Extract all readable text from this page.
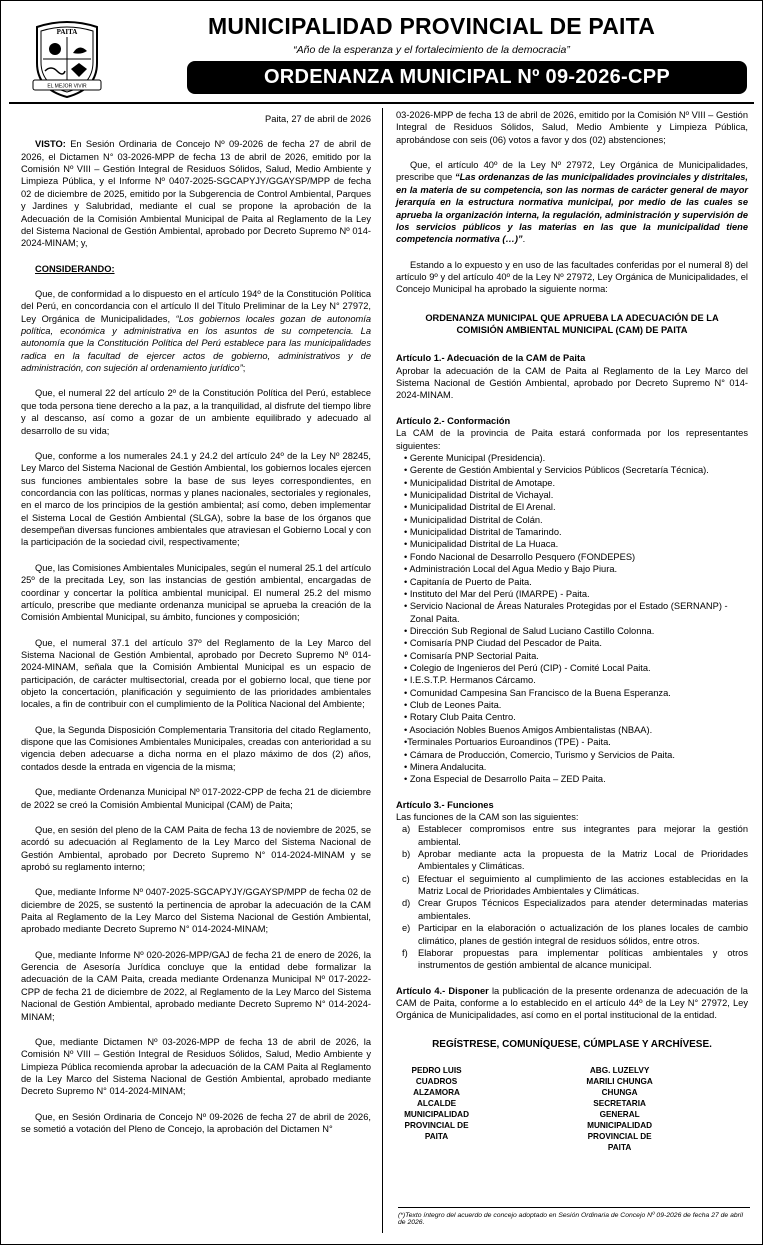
PAITA
EL MEJOR VIVIR
MUNICIPALIDAD PROVINCIAL DE PAITA
“Año de la esperanza y el fortalecimiento de la democracia”
ORDENANZA MUNICIPAL Nº 09-2026-CPP

Paita, 27 de abril de 2026

VISTO: En Sesión Ordinaria de Concejo Nº 09-2026 de fecha 27 de abril de 2026, el Dictamen N° 03-2026-MPP de fecha 13 de abril de 2026, emitido por la Comisión Nº VIII – Gestión Integral de Residuos Sólidos, Salud, Medio Ambiente y Limpieza Pública, y el Informe Nº 0407-2025-SGCAPYJY/GGAYSP/MPP de fecha 02 de diciembre de 2025, emitido por la Subgerencia de Control Ambiental, Parques y Jardines y Salubridad, mediante el cual se propone la aprobación de la Adecuación de la Comisión Ambiental Municipal de Paita al Reglamento de la Ley del Sistema Nacional de Gestión Ambiental, aprobado por Decreto Supremo Nº 014-2024-MINAM; y,

CONSIDERANDO:

Que, de conformidad a lo dispuesto en el artículo 194º de la Constitución Política del Perú, en concordancia con el artículo II del Título Preliminar de la Ley N° 27972, Ley Orgánica de Municipalidades, “Los gobiernos locales gozan de autonomía política, económica y administrativa en los asuntos de su competencia. La autonomía que la Constitución Política del Perú establece para las municipalidades radica en la facultad de ejercer actos de gobierno, administrativos y de administración, con sujeción al ordenamiento jurídico”;

Que, el numeral 22 del artículo 2º de la Constitución Política del Perú, establece que toda persona tiene derecho a la paz, a la tranquilidad, al disfrute del tiempo libre y al descanso, así como a gozar de un ambiente equilibrado y adecuado al desarrollo de su vida;

Que, conforme a los numerales 24.1 y 24.2 del artículo 24º de la Ley Nº 28245, Ley Marco del Sistema Nacional de Gestión Ambiental, los gobiernos locales ejercen sus funciones ambientales sobre la base de sus leyes correspondientes, en concordancia con las políticas, normas y planes nacionales, sectoriales y regionales, en el marco de los principios de la gestión ambiental; así como, deben implementar el Sistema Local de Gestión Ambiental (SLGA), sobre la base de los órganos que desempeñan diversas funciones ambientales que atraviesan el Gobierno Local y con la participación de la sociedad civil, respectivamente;

Que, las Comisiones Ambientales Municipales, según el numeral 25.1 del artículo 25º de la precitada Ley, son las instancias de gestión ambiental, encargadas de coordinar y concertar la política ambiental municipal. El numeral 25.2 del mismo artículo, prescribe que mediante ordenanza municipal se aprueba la creación de la Comisión Ambiental Municipal, su ámbito, funciones y composición;

Que, el numeral 37.1 del artículo 37º del Reglamento de la Ley Marco del Sistema Nacional de Gestión Ambiental, aprobado por Decreto Supremo Nº 014-2024-MINAM, señala que la Comisión Ambiental Municipal es un espacio de participación, de carácter multisectorial, creada por el gobierno local, que tiene por objeto la concertación, planificación y seguimiento de las prioridades ambientales locales, a fin de contribuir con el cumplimiento de la Política Nacional del Ambiente;

Que, la Segunda Disposición Complementaria Transitoria del citado Reglamento, dispone que las Comisiones Ambientales Municipales, creadas con anterioridad a su vigencia deben adecuarse a dicha norma en el plazo máximo de dos (2) años, contados desde la entrada en vigencia de la misma;

Que, mediante Ordenanza Municipal Nº 017-2022-CPP de fecha 21 de diciembre de 2022 se creó la Comisión Ambiental Municipal (CAM) de Paita;

Que, en sesión del pleno de la CAM Paita de fecha 13 de noviembre de 2025, se acordó su adecuación al Reglamento de la Ley Marco del Sistema Nacional de Gestión Ambiental, aprobado por Decreto Supremo N° 014-2024-MINAM y se aprobó su reglamento interno;

Que, mediante Informe Nº 0407-2025-SGCAPYJY/GGAYSP/MPP de fecha 02 de diciembre de 2025, se sustentó la pertinencia de aprobar la adecuación de la CAM Paita al Reglamento de la Ley Marco del Sistema Nacional de Gestión Ambiental, aprobado mediante Decreto Supremo N° 014-2024-MINAM;

Que, mediante Informe Nº 020-2026-MPP/GAJ de fecha 21 de enero de 2026, la Gerencia de Asesoría Jurídica concluye que la entidad debe formalizar la adecuación de la CAM Paita, creada mediante Ordenanza Municipal Nº 017-2022-CPP de fecha 21 de diciembre de 2022, al Reglamento de la Ley Marco del Sistema Nacional de Gestión Ambiental, aprobado mediante Decreto Supremo N° 014-2024-MINAM;

Que, mediante Dictamen Nº 03-2026-MPP de fecha 13 de abril de 2026, la Comisión Nº VIII – Gestión Integral de Residuos Sólidos, Salud, Medio Ambiente y Limpieza Pública recomienda aprobar la adecuación de la CAM Paita al Reglamento de la Ley Marco del Sistema Nacional de Gestión Ambiental, aprobado mediante Decreto Supremo N° 014-2024-MINAM;

Que, en Sesión Ordinaria de Concejo Nº 09-2026 de fecha 27 de abril de 2026, se sometió a votación del Pleno de Concejo, la aprobación del Dictamen N°

03-2026-MPP de fecha 13 de abril de 2026, emitido por la Comisión Nº VIII – Gestión Integral de Residuos Sólidos, Salud, Medio Ambiente y Limpieza Pública, aprobándose con seis (06) votos a favor y dos (02) abstenciones;

Que, el artículo 40º de la Ley Nº 27972, Ley Orgánica de Municipalidades, prescribe que “Las ordenanzas de las municipalidades provinciales y distritales, en la materia de su competencia, son las normas de carácter general de mayor jerarquía en la estructura normativa municipal, por medio de las cuales se aprueba la organización interna, la regulación, administración y supervisión de los servicios públicos y las materias en las que la municipalidad tiene competencia normativa (…)”.

Estando a lo expuesto y en uso de las facultades conferidas por el numeral 8) del artículo 9º y del artículo 40º de la Ley Nº 27972, Ley Orgánica de Municipalidades, el Concejo Municipal ha aprobado la siguiente norma:

ORDENANZA MUNICIPAL QUE APRUEBA LA ADECUACIÓN DE LA

COMISIÓN AMBIENTAL MUNICIPAL (CAM) DE PAITA

Artículo 1.- Adecuación de la CAM de Paita

Aprobar la adecuación de la CAM de Paita al Reglamento de la Ley Marco del Sistema Nacional de Gestión Ambiental, aprobado por Decreto Supremo N° 014-2024-MINAM.

Artículo 2.- Conformación

La CAM de la provincia de Paita estará conformada por los representantes siguientes:

• Gerente Municipal (Presidencia).
• Gerente de Gestión Ambiental y Servicios Públicos (Secretaría Técnica).
• Municipalidad Distrital de Amotape.
• Municipalidad Distrital de Vichayal.
• Municipalidad Distrital de El Arenal.
• Municipalidad Distrital de Colán.
• Municipalidad Distrital de Tamarindo.
• Municipalidad Distrital de La Huaca.
• Fondo Nacional de Desarrollo Pesquero (FONDEPES)
• Administración Local del Agua Medio y Bajo Piura.
• Capitanía de Puerto de Paita.
• Instituto del Mar del Perú (IMARPE) - Paita.
• Servicio Nacional de Áreas Naturales Protegidas por el Estado (SERNANP) - Zonal Paita.
• Dirección Sub Regional de Salud Luciano Castillo Colonna.
• Comisaría PNP Ciudad del Pescador de Paita.
• Comisaría PNP Sectorial Paita.
• Colegio de Ingenieros del Perú (CIP) - Comité Local Paita.
• I.E.S.T.P. Hermanos Cárcamo.
• Comunidad Campesina San Francisco de la Buena Esperanza.
• Club de Leones Paita.
• Rotary Club Paita Centro.
• Asociación Nobles Buenos Amigos Ambientalistas (NBAA).
•Terminales Portuarios Euroandinos (TPE) - Paita.
• Cámara de Producción, Comercio, Turismo y Servicios de Paita.
• Minera Andalucita.
• Zona Especial de Desarrollo Paita – ZED Paita.

Artículo 3.- Funciones

Las funciones de la CAM son las siguientes:

a) Establecer compromisos entre sus integrantes para mejorar la gestión ambiental.
b) Aprobar mediante acta la propuesta de la Matriz Local de Prioridades Ambientales y Climáticas.
c) Efectuar el seguimiento al cumplimiento de las acciones establecidas en la Matriz Local de Prioridades Ambientales y Climáticas.
d) Crear Grupos Técnicos Especializados para atender determinadas materias ambientales.
e) Participar en la elaboración o actualización de los planes locales de cambio climático, planes de gestión integral de residuos sólidos, entre otros.
f)	Elaborar propuestas para implementar políticas ambientales y otros instrumentos de gestión ambiental de alcance municipal.

Artículo 4.- Disponer la publicación de la presente ordenanza de adecuación de la CAM de Paita, conforme a lo establecido en el artículo 44º de la Ley N° 27972, Ley Orgánica de Municipalidades, así como en el portal institucional de la entidad.

REGÍSTRESE, COMUNÍQUESE, CÚMPLASE Y ARCHÍVESE.

PEDRO LUIS CUADROS ALZAMORA
ALCALDE
MUNICIPALIDAD PROVINCIAL DE PAITA
ABG. LUZELVY MARILI CHUNGA CHUNGA
SECRETARIA GENERAL
MUNICIPALIDAD PROVINCIAL DE PAITA
(*)Texto íntegro del acuerdo de concejo adoptado en Sesión Ordinaria de Concejo Nº 09-2026 de fecha 27 de abril de 2026.
